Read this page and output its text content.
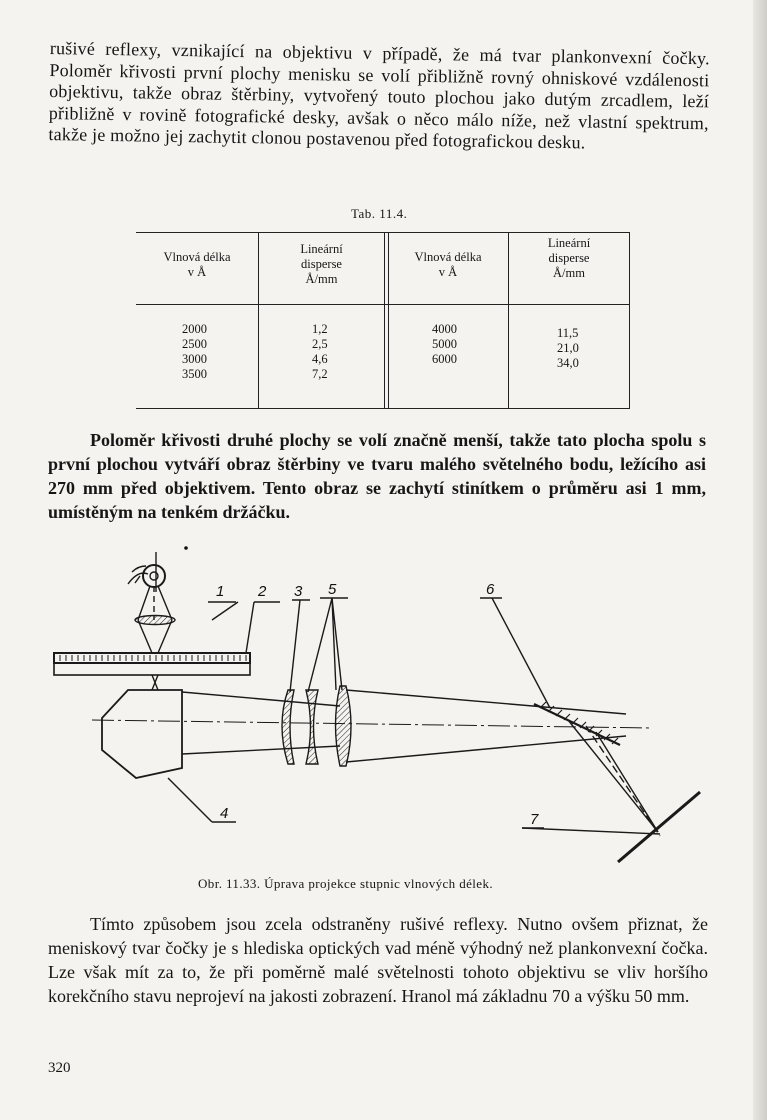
rušivé reflexy, vznikající na objektivu v případě, že má tvar plankonvexní čočky. Poloměr křivosti první plochy menisku se volí přibližně rovný ohniskové vzdálenosti objektivu, takže obraz štěrbiny, vytvořený touto plochou jako dutým zrcadlem, leží přibližně v rovině fotografické desky, avšak o něco málo níže, než vlastní spektrum, takže je možno jej zachytit clonou postavenou před fotografickou desku.

Tab. 11.4.
Vlnová délka
v Å
Lineární
disperse
Å/mm
Vlnová délka
v Å
Lineární
disperse
Å/mm
2000
2500
3000
3500
1,2
2,5
4,6
7,2
4000
5000
6000
11,5
21,0
34,0

Poloměr křivosti druhé plochy se volí značně menší, takže tato plocha spolu s první plochou vytváří obraz štěrbiny ve tvaru malého světelného bodu, ležícího asi 270 mm před objektivem. Tento obraz se zachytí stinítkem o průměru asi 1 mm, umístěným na tenkém držáčku.

1 2 3 5	6
4	7
Obr. 11.33. Úprava projekce stupnic vlnových délek.

Tímto způsobem jsou zcela odstraněny rušivé reflexy. Nutno ovšem přiznat, že meniskový tvar čočky je s hlediska optických vad méně výhodný než plankonvexní čočka. Lze však mít za to, že při poměrně malé světelnosti tohoto objektivu se vliv horšího korekčního stavu neprojeví na jakosti zobrazení. Hranol má základnu 70 a výšku 50 mm.

320
